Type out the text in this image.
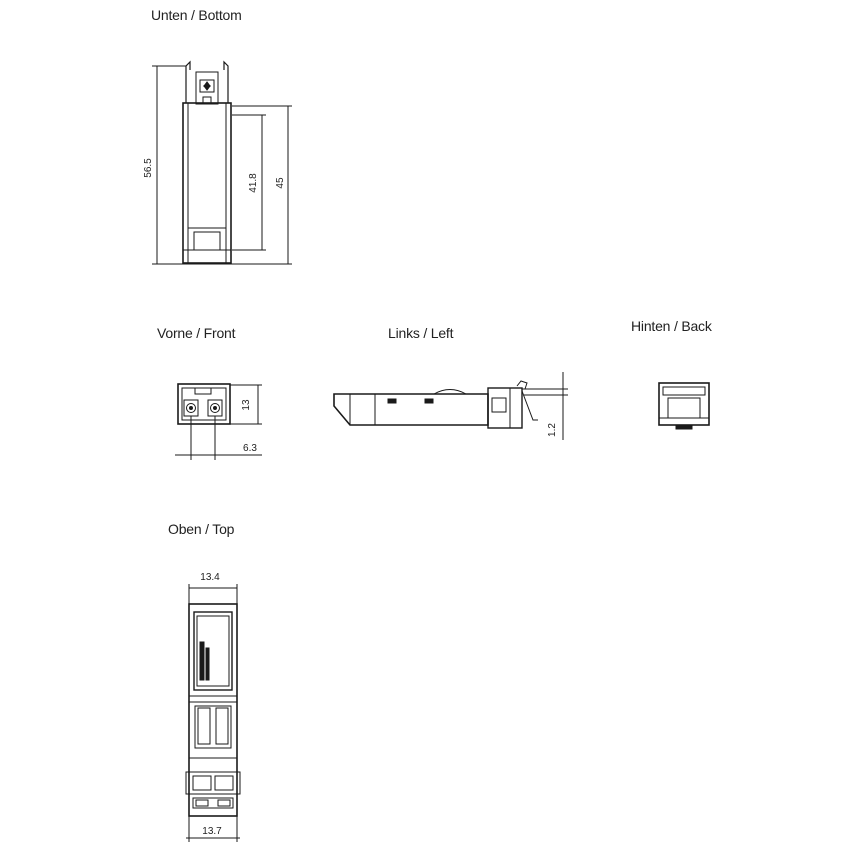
Unten / Bottom
Vorne / Front	Links / Left	Hinten / Back
Oben / Top
56.5
41.8 45
13
6.3
1.2
13.4
13.7
